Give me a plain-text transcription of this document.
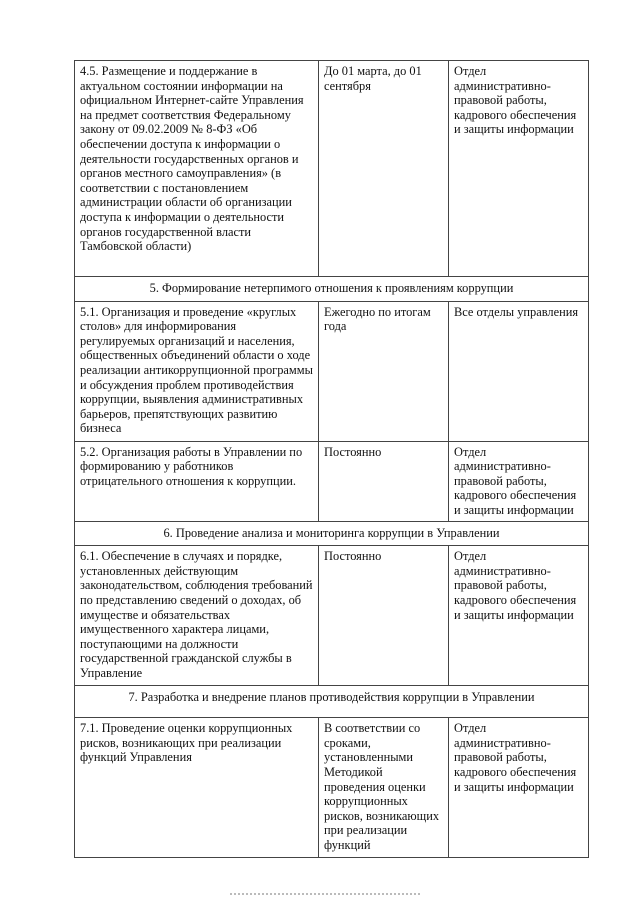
4.5. Размещение и поддержание в актуальном состоянии информации на официальном Интернет-сайте Управления на предмет соответствия Федеральному закону от 09.02.2009 № 8-ФЗ «Об обеспечении доступа к информации о деятельности государственных органов и органов местного самоуправления» (в соответствии с постановлением администрации области об организации доступа к информации о деятельности органов государственной власти Тамбовской области)	До 01 марта, до 01 сентября	Отдел административно-правовой работы, кадрового обеспечения и защиты информации
5. Формирование нетерпимого отношения к проявлениям коррупции		
5.1. Организация и проведение «круглых столов» для информирования регулируемых организаций и населения, общественных объединений области о ходе реализации антикоррупционной программы и обсуждения проблем противодействия коррупции, выявления административных барьеров, препятствующих развитию бизнеса	Ежегодно по итогам года	Все отделы управления
5.2. Организация работы в Управлении по формированию у работников отрицательного отношения к коррупции.	Постоянно	Отдел административно-правовой работы, кадрового обеспечения и защиты информации
6. Проведение анализа и мониторинга коррупции в Управлении		
6.1. Обеспечение в случаях и порядке, установленных действующим законодательством, соблюдения требований по представлению сведений о доходах, об имуществе и обязательствах имущественного характера лицами, поступающими на должности государственной гражданской службы в Управление	Постоянно	Отдел административно-правовой работы, кадрового обеспечения и защиты информации
7. Разработка и внедрение планов противодействия коррупции в Управлении		
7.1. Проведение оценки коррупционных рисков, возникающих при реализации функций Управления	В соответствии со сроками, установленными Методикой проведения оценки коррупционных рисков, возникающих при реализации функций	Отдел административно-правовой работы, кадрового обеспечения и защиты информации
